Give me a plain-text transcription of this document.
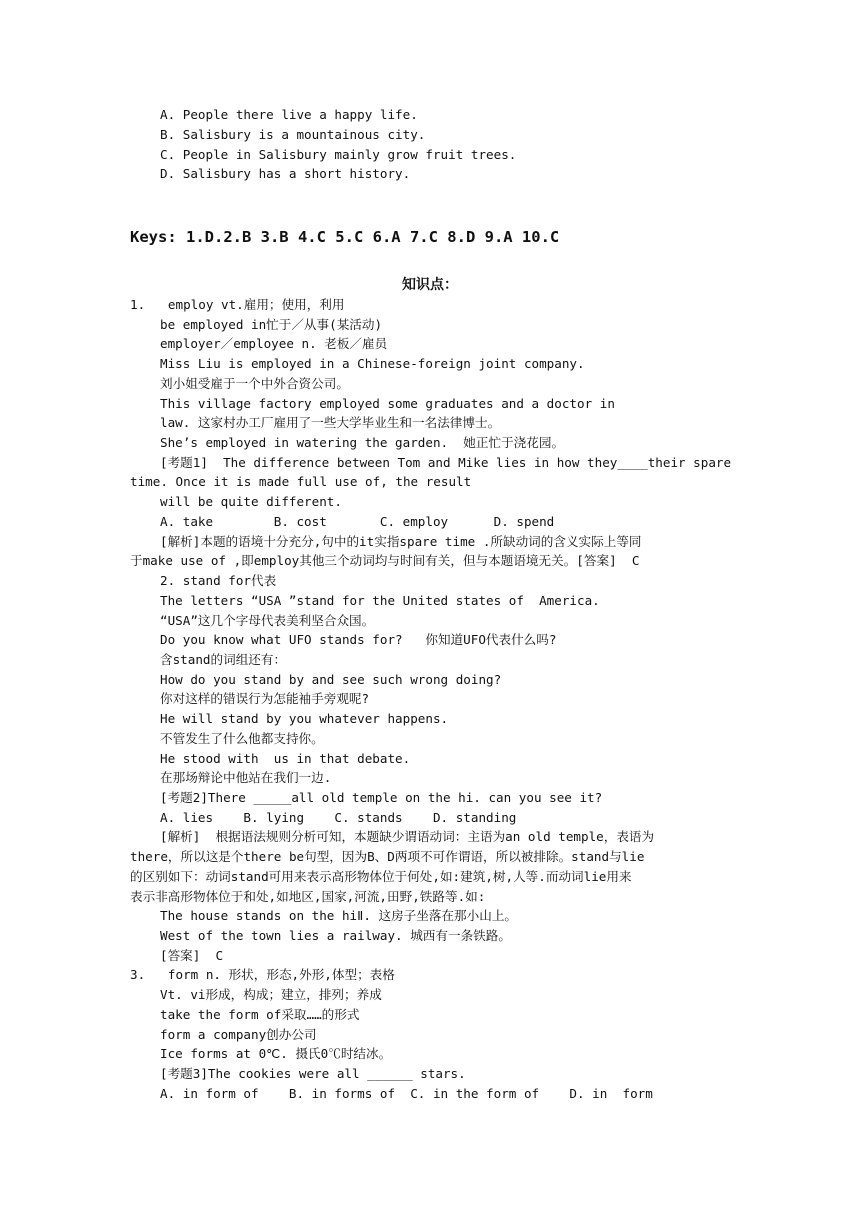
A. People there live a happy life.
B. Salisbury is a mountainous city.
C. People in Salisbury mainly grow fruit trees.
D. Salisbury has a short history.
Keys: 1.D.2.B 3.B 4.C 5.C 6.A 7.C 8.D 9.A 10.C
知识点：
1.   employ vt.雇用；使用，利用
be employed in忙于／从事(某活动)
employer／employee n. 老板／雇员
Miss Liu is employed in a Chinese-foreign joint company.
刘小姐受雇于一个中外合资公司。
This village factory employed some graduates and a doctor in
law. 这家村办工厂雇用了一些大学毕业生和一名法律博士。
She’s employed in watering the garden.  她正忙于浇花园。
[考题1]  The difference between Tom and Mike lies in how they____their spare
time. Once it is made full use of, the result
will be quite different.
A. take        B. cost       C. employ      D. spend
[解析]本题的语境十分充分,句中的it实指spare time .所缺动词的含义实际上等同
于make use of ,即employ其他三个动词均与时间有关，但与本题语境无关。[答案]  C
2. stand for代表
The letters “USA ”stand for the United states of  America.
“USA”这几个字母代表美利坚合众国。
Do you know what UFO stands for?   你知道UFO代表什么吗?
含stand的词组还有：
How do you stand by and see such wrong doing?
你对这样的错误行为怎能袖手旁观呢?
He will stand by you whatever happens.
不管发生了什么他都支持你。
He stood with  us in that debate.
在那场辩论中他站在我们一边.
[考题2]There _____all old temple on the hi. can you see it?
A. lies    B. lying    C. stands    D. standing
[解析]  根据语法规则分析可知，本题缺少谓语动词：主语为an old temple，表语为
there，所以这是个there be句型，因为B、D两项不可作谓语，所以被排除。stand与lie
的区别如下：动词stand可用来表示高形物体位于何处,如:建筑,树,人等.而动词lie用来
表示非高形物体位于和处,如地区,国家,河流,田野,铁路等.如:
The house stands on the hiⅡ. 这房子坐落在那小山上。
West of the town lies a railway. 城西有一条铁路。
[答案]  C
3.   form n. 形状，形态,外形,体型；表格
Vt. vi形成，构成；建立，排列；养成
take the form of采取……的形式
form a company创办公司
Ice forms at 0℃. 摄氏0℃时结冰。
[考题3]The cookies were all ______ stars.
A. in form of    B. in forms of  C. in the form of    D. in  form
